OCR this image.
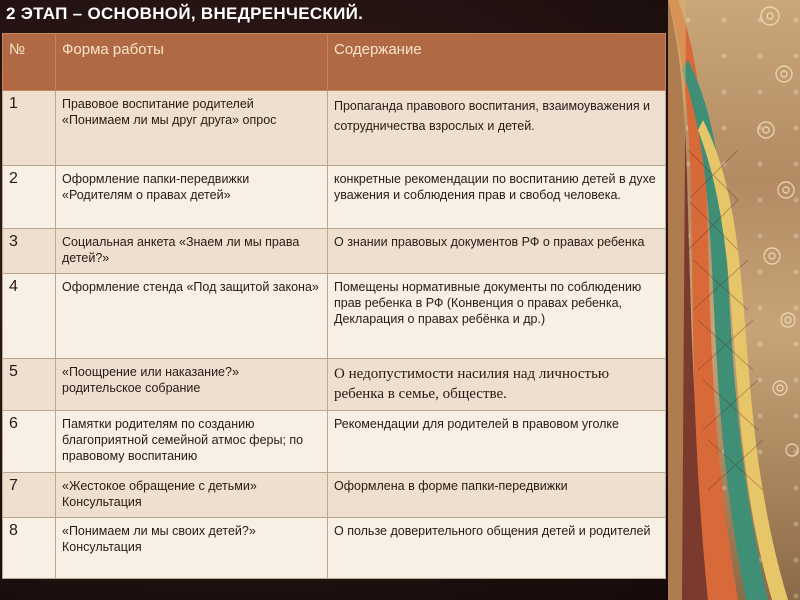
2 ЭТАП – ОСНОВНОЙ, ВНЕДРЕНЧЕСКИЙ.
№	Форма работы	Содержание
1	Правовое воспитание родителей «Понимаем ли мы друг друга» опрос	Пропаганда правового воспитания, взаимоуважения и сотрудничества взрослых и детей.
2	Оформление папки-передвижки «Родителям о правах детей»	конкретные рекомендации по воспитанию детей в духе уважения и соблюдения прав и свобод человека.
3	Социальная анкета «Знаем ли мы права детей?»	О знании правовых документов РФ о правах ребенка
4	Оформление стенда «Под защитой закона»	Помещены нормативные документы по соблюдению прав ребенка в РФ (Конвенция о правах ребенка, Декларация о правах ребёнка и др.)
5	«Поощрение или наказание?» родительское собрание	О недопустимости насилия над личностью ребенка в семье, обществе.
6	Памятки родителям по созданию благоприятной семейной атмос феры; по правовому воспитанию	Рекомендации для родителей в правовом уголке
7	«Жестокое обращение с детьми» Консультация	Оформлена в форме папки-передвижки
8	«Понимаем ли мы своих детей?» Консультация	О пользе доверительного общения детей и родителей
